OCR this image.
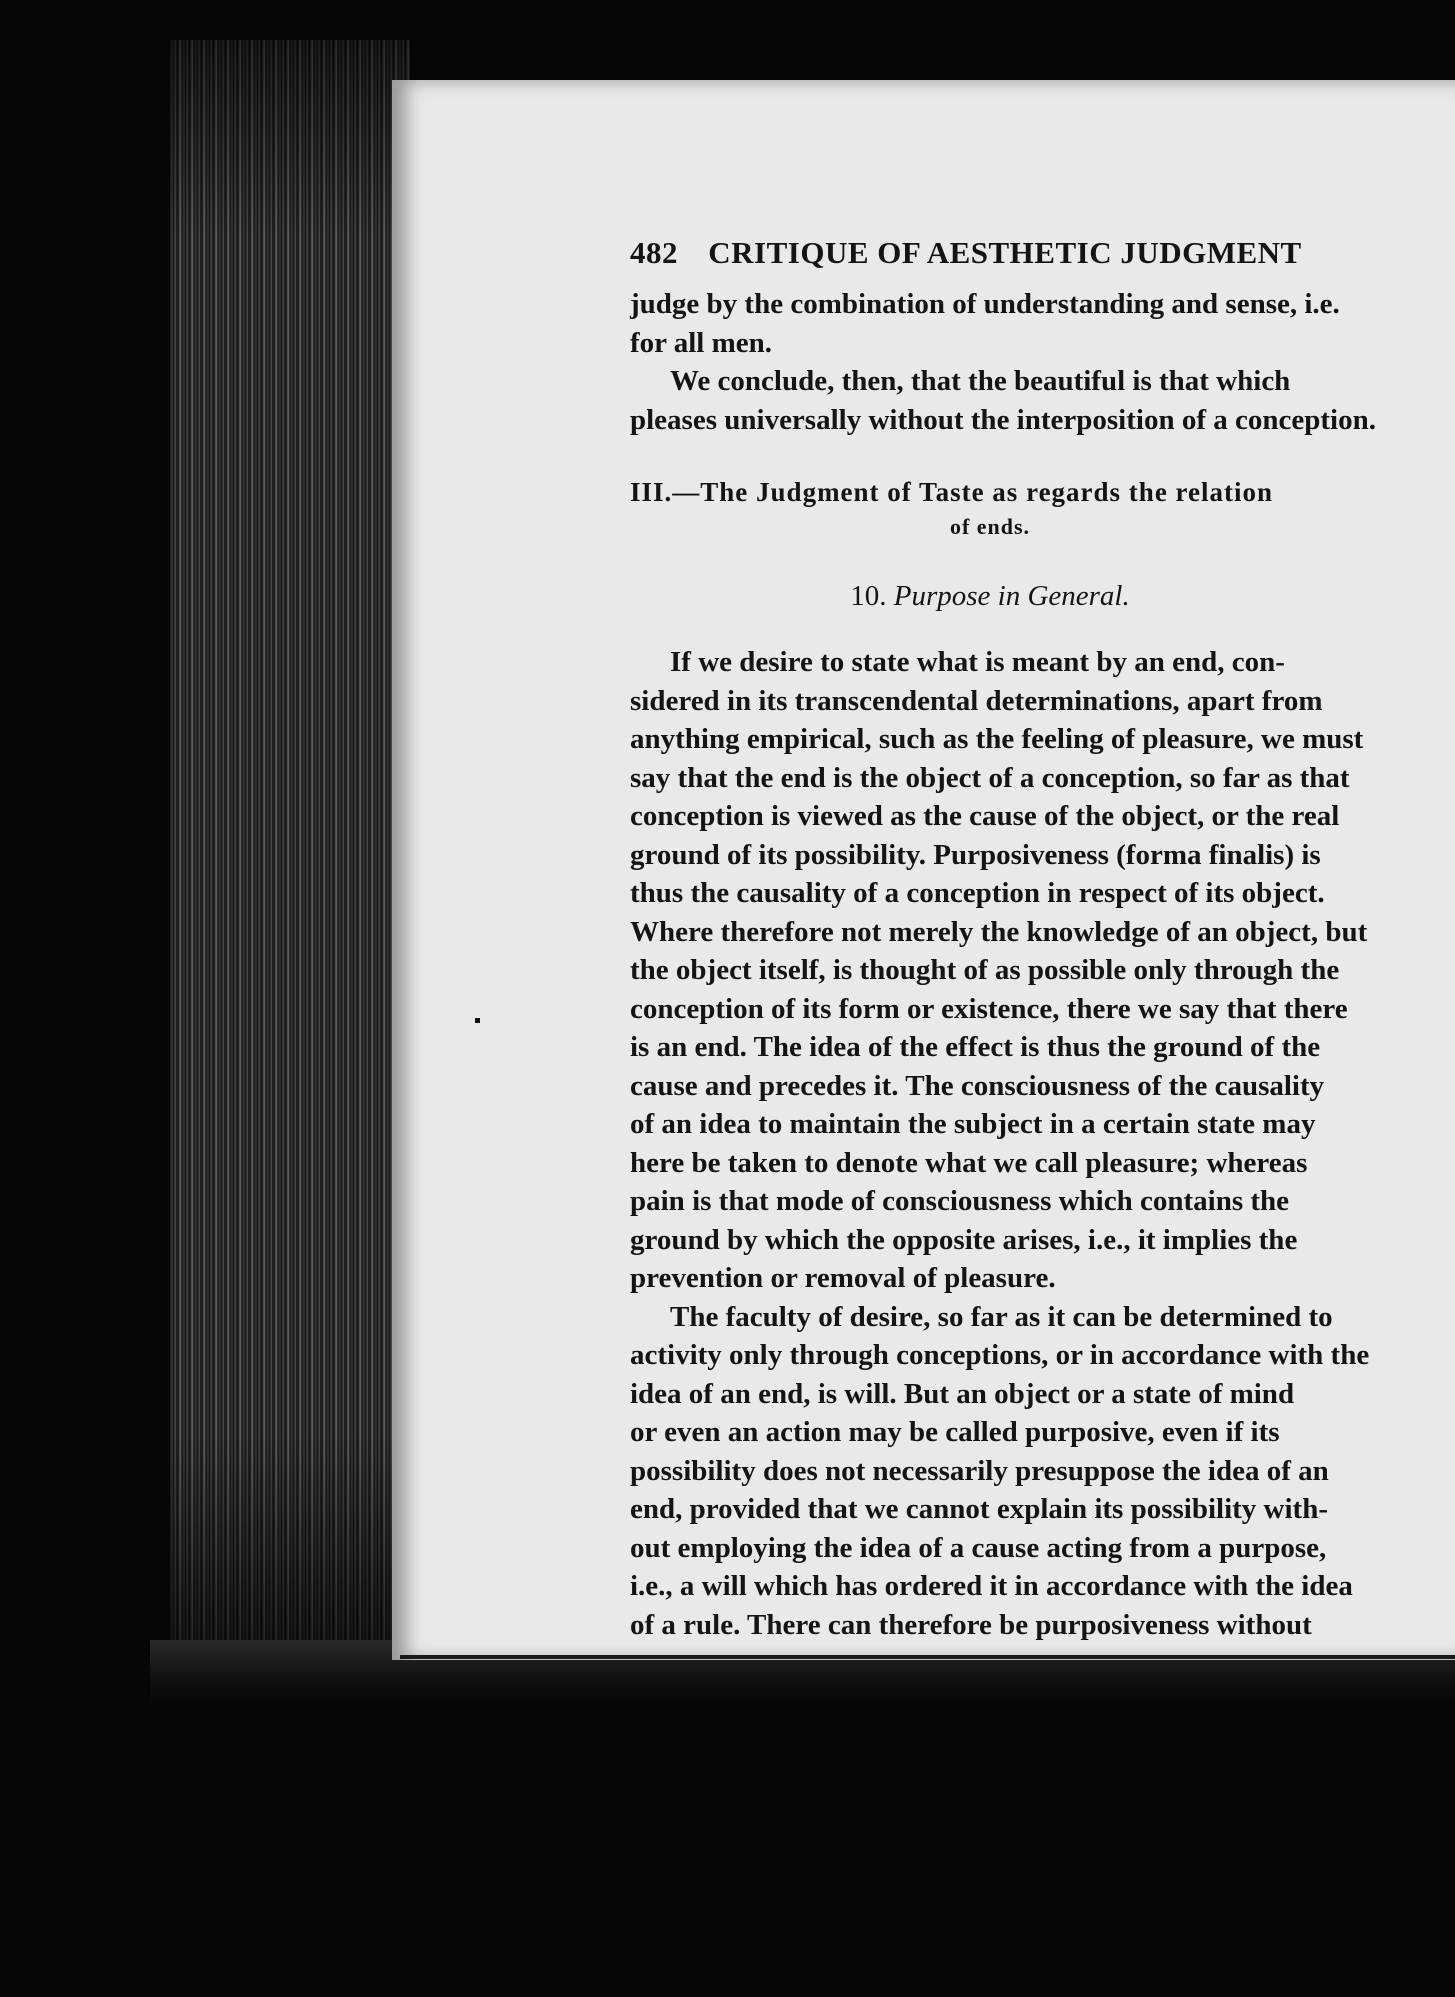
482 CRITIQUE OF AESTHETIC JUDGMENT
judge by the combination of understanding and sense, i.e.
for all men.
We conclude, then, that the beautiful is that which
pleases universally without the interposition of a conception.
III.—The Judgment of Taste as regards the relation
of ends.
10. Purpose in General.
If we desire to state what is meant by an end, con-
sidered in its transcendental determinations, apart from
anything empirical, such as the feeling of pleasure, we must
say that the end is the object of a conception, so far as that
conception is viewed as the cause of the object, or the real
ground of its possibility. Purposiveness (forma finalis) is
thus the causality of a conception in respect of its object.
Where therefore not merely the knowledge of an object, but
the object itself, is thought of as possible only through the
conception of its form or existence, there we say that there
is an end. The idea of the effect is thus the ground of the
cause and precedes it. The consciousness of the causality
of an idea to maintain the subject in a certain state may
here be taken to denote what we call pleasure; whereas
pain is that mode of consciousness which contains the
ground by which the opposite arises, i.e., it implies the
prevention or removal of pleasure.
The faculty of desire, so far as it can be determined to
activity only through conceptions, or in accordance with the
idea of an end, is will. But an object or a state of mind
or even an action may be called purposive, even if its
possibility does not necessarily presuppose the idea of an
end, provided that we cannot explain its possibility with-
out employing the idea of a cause acting from a purpose,
i.e., a will which has ordered it in accordance with the idea
of a rule. There can therefore be purposiveness without
